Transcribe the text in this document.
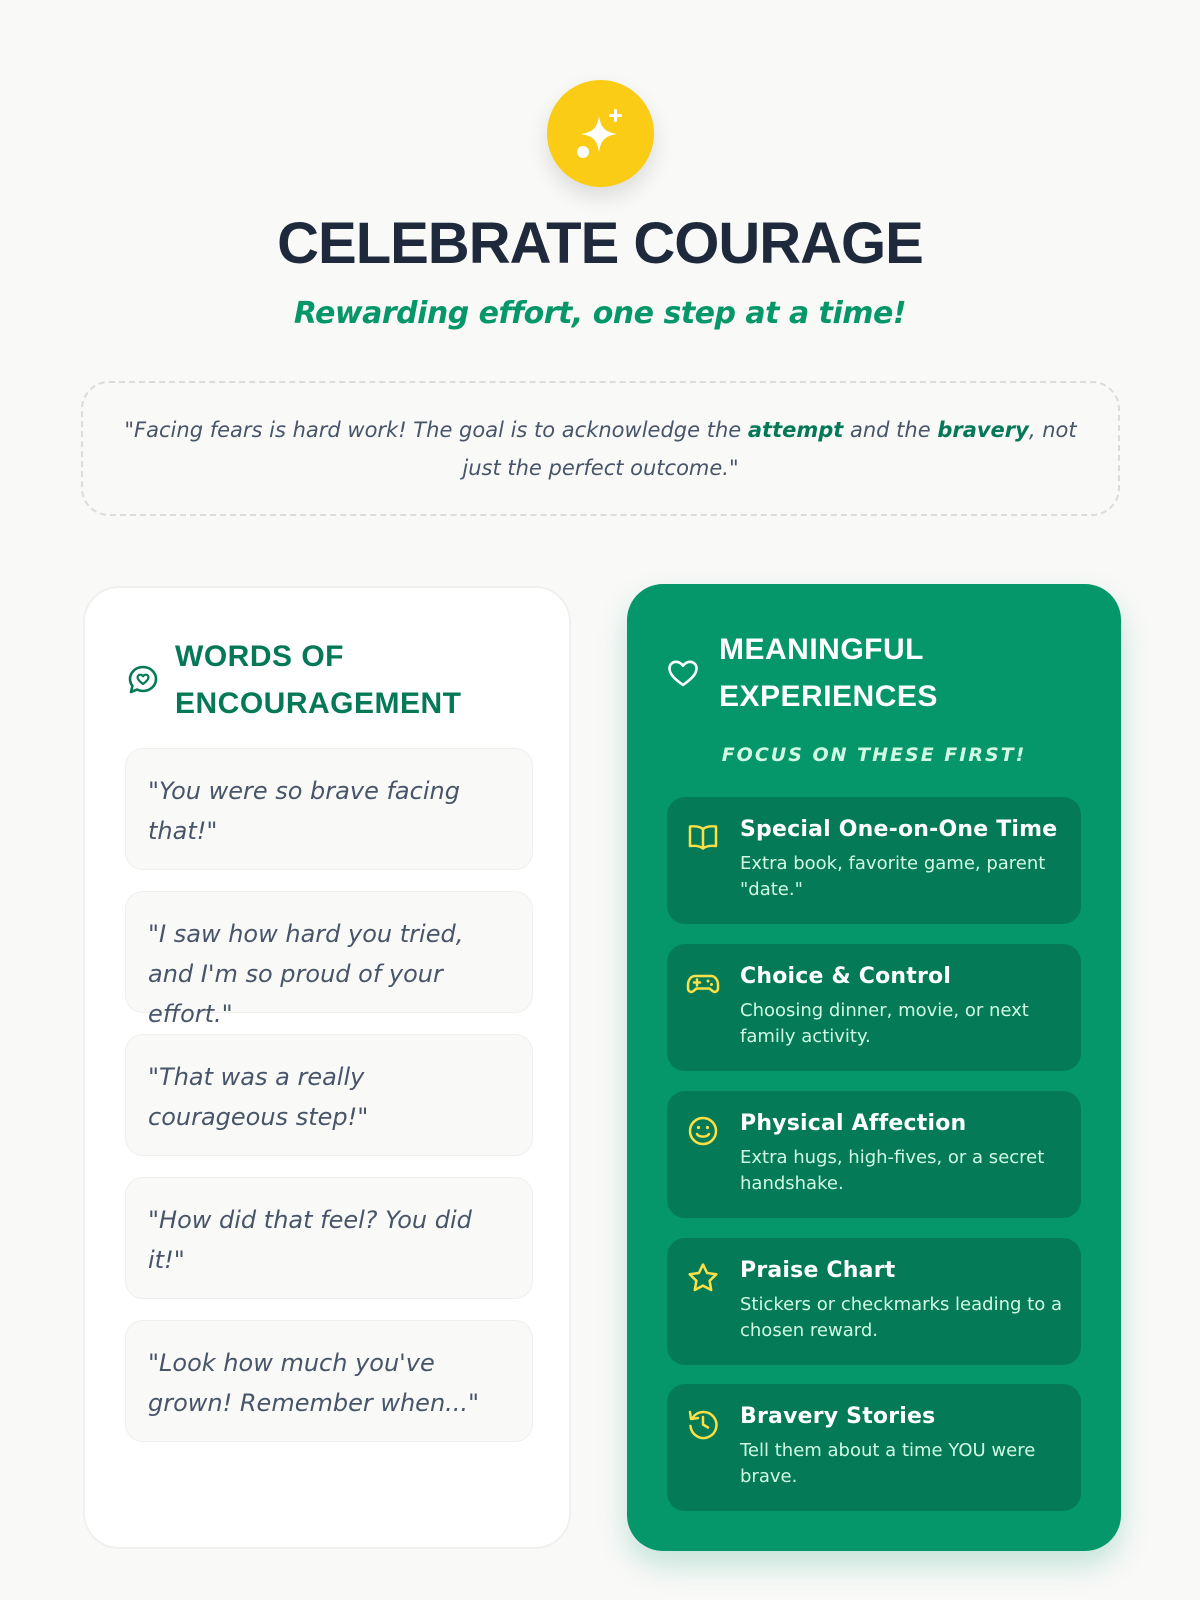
CELEBRATE COURAGE

Rewarding effort, one step at a time!

"Facing fears is hard work! The goal is to acknowledge the attempt and the bravery, not just the perfect outcome."

WORDS OF ENCOURAGEMENT
"You were so brave facing that!"
"I saw how hard you tried, and I'm so proud of your effort."
"That was a really courageous step!"
"How did that feel? You did it!"
"Look how much you've grown! Remember when..."
MEANINGFUL EXPERIENCES
FOCUS ON THESE FIRST!
Special One-on-One Time
Extra book, favorite game, parent "date."
Choice & Control
Choosing dinner, movie, or next family activity.
Physical Affection
Extra hugs, high-fives, or a secret handshake.
Praise Chart
Stickers or checkmarks leading to a chosen reward.
Bravery Stories
Tell them about a time YOU were brave.
